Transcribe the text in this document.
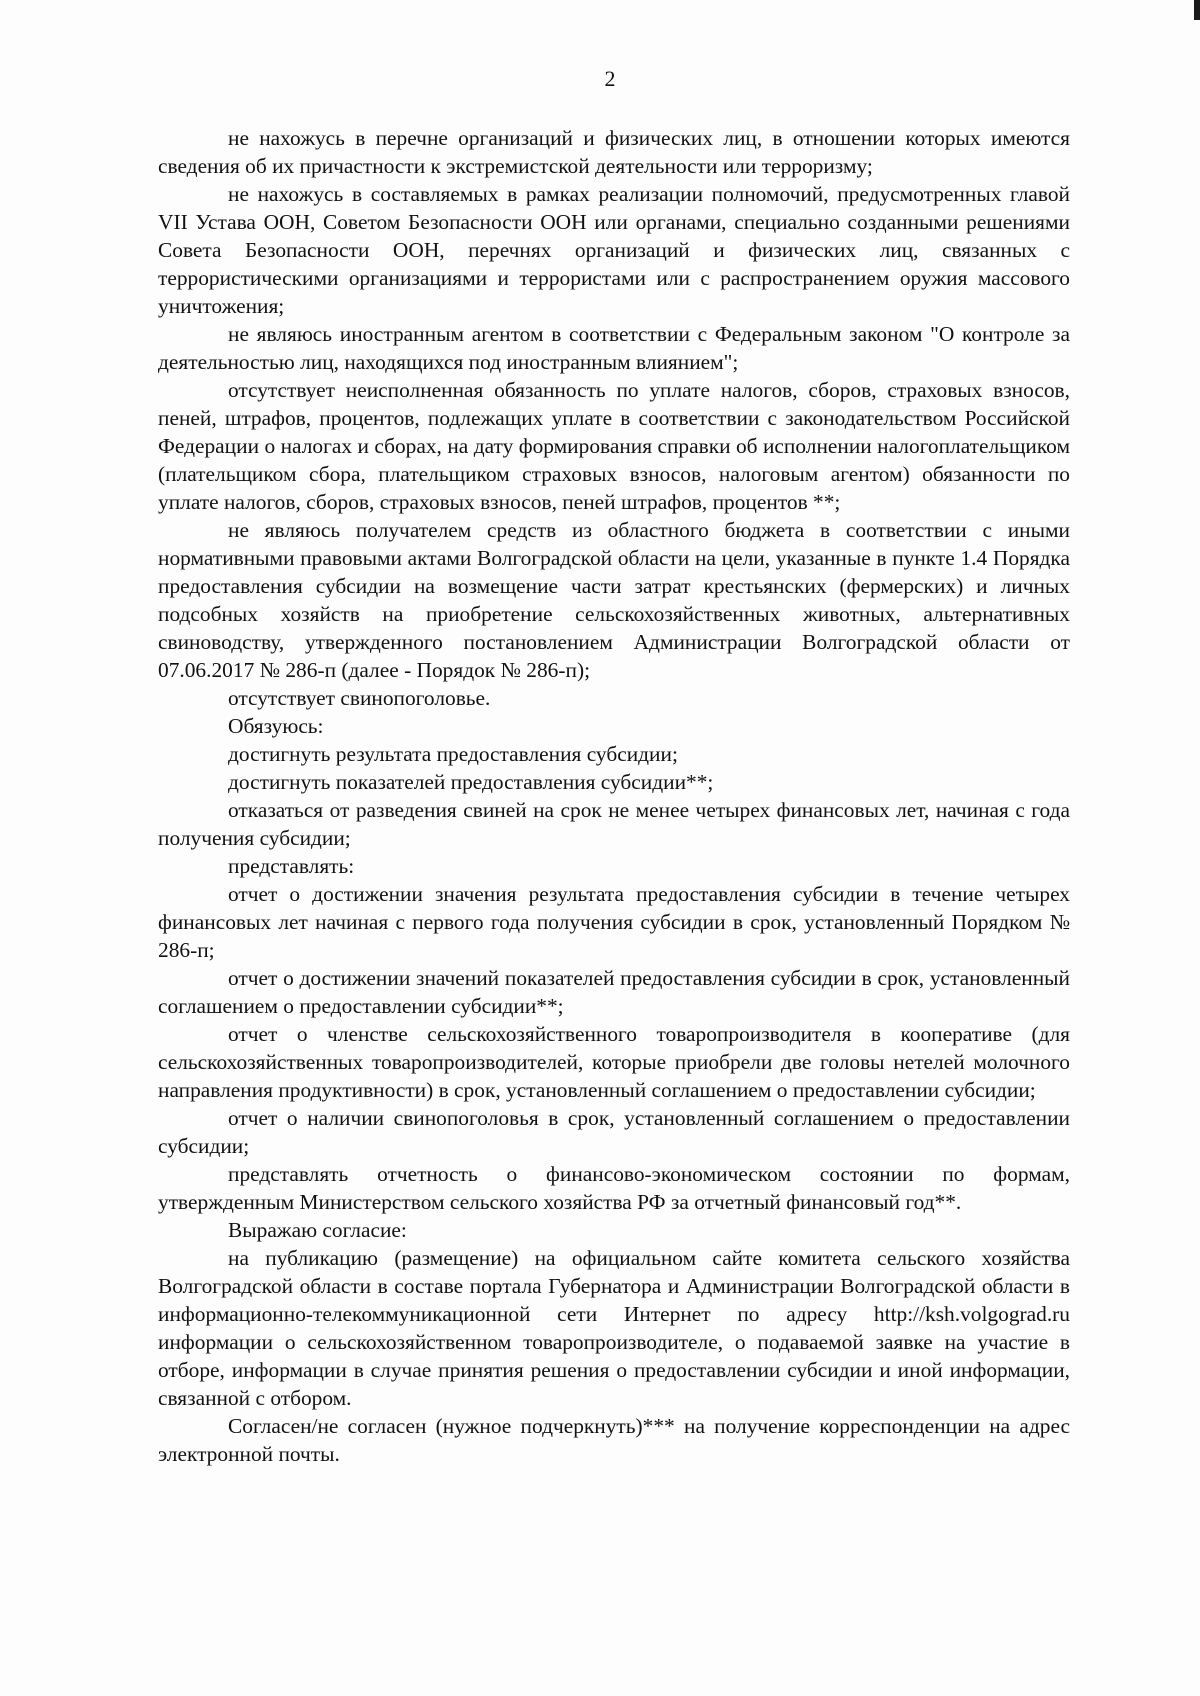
2

не нахожусь в перечне организаций и физических лиц, в отношении которых имеются сведения об их причастности к экстремистской деятельности или терроризму;

не нахожусь в составляемых в рамках реализации полномочий, предусмотренных главой VII Устава ООН, Советом Безопасности ООН или органами, специально созданными решениями Совета Безопасности ООН, перечнях организаций и физических лиц, связанных с террористическими организациями и террористами или с распространением оружия массового уничтожения;

не являюсь иностранным агентом в соответствии с Федеральным законом "О контроле за деятельностью лиц, находящихся под иностранным влиянием";

отсутствует неисполненная обязанность по уплате налогов, сборов, страховых взносов, пеней, штрафов, процентов, подлежащих уплате в соответствии с законодательством Российской Федерации о налогах и сборах, на дату формирования справки об исполнении налогоплательщиком (плательщиком сбора, плательщиком страховых взносов, налоговым агентом) обязанности по уплате налогов, сборов, страховых взносов, пеней штрафов, процентов **;

не являюсь получателем средств из областного бюджета в соответствии с иными нормативными правовыми актами Волгоградской области на цели, указанные в пункте 1.4 Порядка предоставления субсидии на возмещение части затрат крестьянских (фермерских) и личных подсобных хозяйств на приобретение сельскохозяйственных животных, альтернативных свиноводству, утвержденного постановлением Администрации Волгоградской области от 07.06.2017 № 286-п (далее - Порядок № 286-п);

отсутствует свинопоголовье.

Обязуюсь:

достигнуть результата предоставления субсидии;

достигнуть показателей предоставления субсидии**;

отказаться от разведения свиней на срок не менее четырех финансовых лет, начиная с года получения субсидии;

представлять:

отчет о достижении значения результата предоставления субсидии в течение четырех финансовых лет начиная с первого года получения субсидии в срок, установленный Порядком № 286-п;

отчет о достижении значений показателей предоставления субсидии в срок, установленный соглашением о предоставлении субсидии**;

отчет о членстве сельскохозяйственного товаропроизводителя в кооперативе (для сельскохозяйственных товаропроизводителей, которые приобрели две головы нетелей молочного направления продуктивности) в срок, установленный соглашением о предоставлении субсидии;

отчет о наличии свинопоголовья в срок, установленный соглашением о предоставлении субсидии;

представлять отчетность о финансово-экономическом состоянии по формам, утвержденным Министерством сельского хозяйства РФ за отчетный финансовый год**.

Выражаю согласие:

на публикацию (размещение) на официальном сайте комитета сельского хозяйства Волгоградской области в составе портала Губернатора и Администрации Волгоградской области в информационно-телекоммуникационной сети Интернет по адресу http://ksh.volgograd.ru информации о сельскохозяйственном товаропроизводителе, о подаваемой заявке на участие в отборе, информации в случае принятия решения о предоставлении субсидии и иной информации, связанной с отбором.

Согласен/не согласен (нужное подчеркнуть)*** на получение корреспонденции на адрес электронной почты.
